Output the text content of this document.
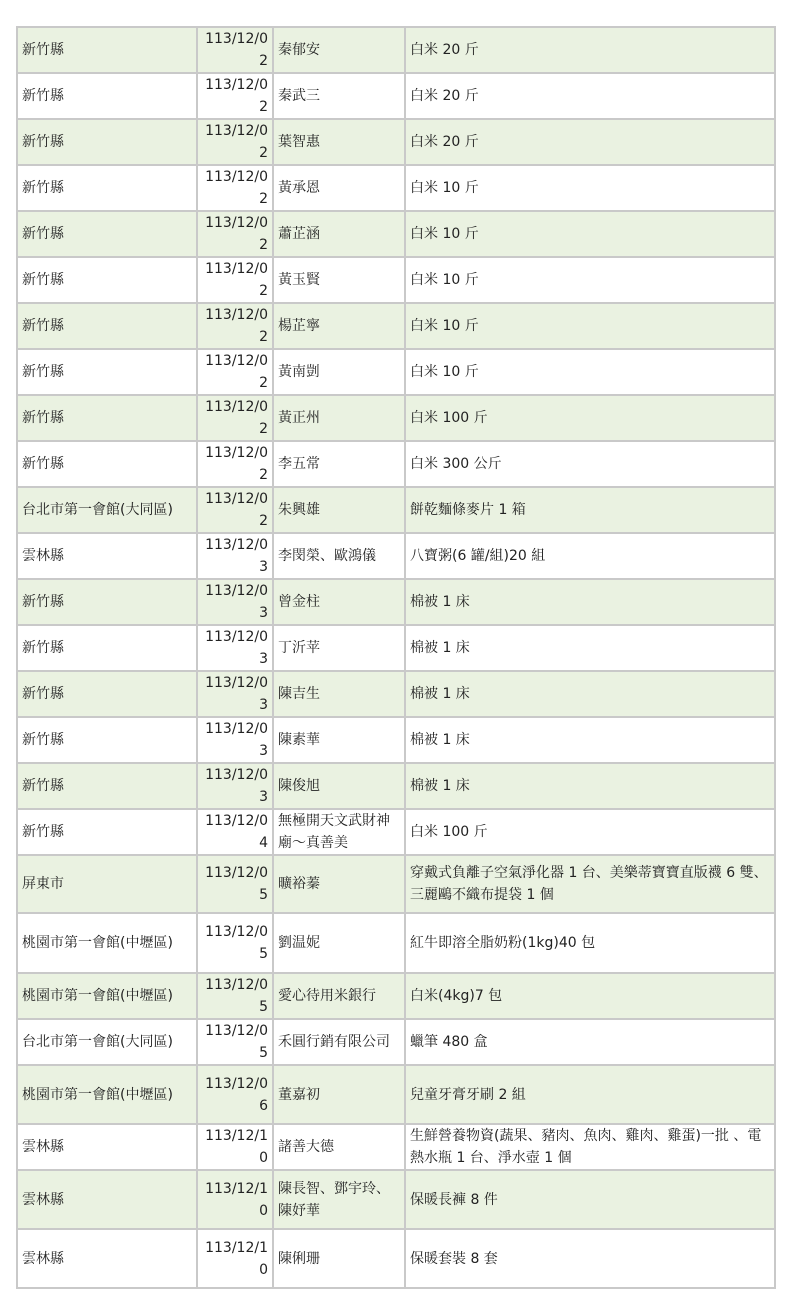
新竹縣	113/12/02	秦郁安	白米 20 斤
新竹縣	113/12/02	秦武三	白米 20 斤
新竹縣	113/12/02	葉智惠	白米 20 斤
新竹縣	113/12/02	黃承恩	白米 10 斤
新竹縣	113/12/02	蕭芷涵	白米 10 斤
新竹縣	113/12/02	黃玉賢	白米 10 斤
新竹縣	113/12/02	楊芷寧	白米 10 斤
新竹縣	113/12/02	黃南剴	白米 10 斤
新竹縣	113/12/02	黃正州	白米 100 斤
新竹縣	113/12/02	李五常	白米 300 公斤
台北市第一會館(大同區)	113/12/02	朱興雄	餅乾麵條麥片 1 箱
雲林縣	113/12/03	李閔榮、歐鴻儀	八寶粥(6 罐/組)20 組
新竹縣	113/12/03	曾金柱	棉被 1 床
新竹縣	113/12/03	丁沂苹	棉被 1 床
新竹縣	113/12/03	陳吉生	棉被 1 床
新竹縣	113/12/03	陳素華	棉被 1 床
新竹縣	113/12/03	陳俊旭	棉被 1 床
新竹縣	113/12/04	無極開天文武財神廟～真善美	白米 100 斤
屏東市	113/12/05	曠裕蓁	穿戴式負離子空氣淨化器 1 台、美樂蒂寶寶直版襪 6 雙、三麗鷗不織布提袋 1 個
桃園市第一會館(中壢區)	113/12/05	劉温妮	紅牛即溶全脂奶粉(1kg)40 包
桃園市第一會館(中壢區)	113/12/05	愛心待用米銀行	白米(4kg)7 包
台北市第一會館(大同區)	113/12/05	禾圓行銷有限公司	蠟筆 480 盒
桃園市第一會館(中壢區)	113/12/06	董嘉初	兒童牙膏牙刷 2 組
雲林縣	113/12/10	諸善大德	生鮮營養物資(蔬果、豬肉、魚肉、雞肉、雞蛋)一批 、電熱水瓶 1 台、淨水壺 1 個
雲林縣	113/12/10	陳長智、鄧宇玲、陳妤華	保暖長褲 8 件
雲林縣	113/12/10	陳俐珊	保暖套裝 8 套
